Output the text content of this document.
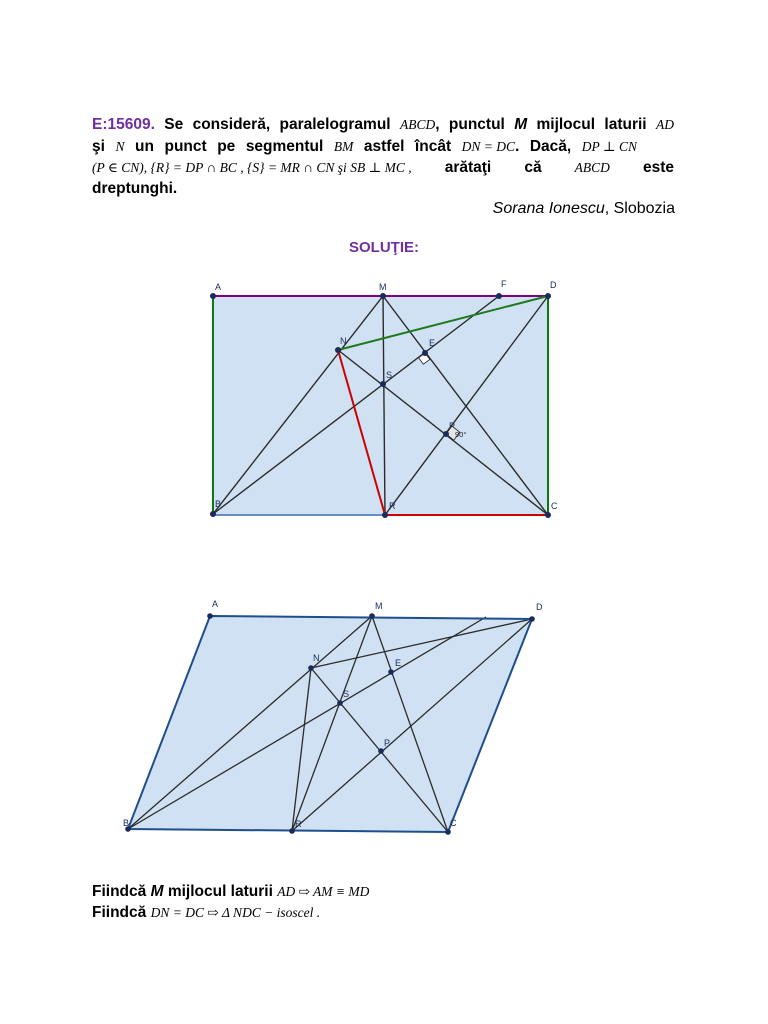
E:15609. Se consideră, paralelogramul ABCD, punctul M mijlocul laturii AD
şi N un punct pe segmentul BM astfel încât DN = DC. Dacă, DP ⊥ CN
(P ∈ CN), {R} = DP ∩ BC , {S} = MR ∩ CN şi SB ⊥ MC , arătaţi că ABCD este
dreptunghi.
Sorana Ionescu, Slobozia
SOLUŢIE:
A	M	F	D
N	E
S
P
B	R	C
90°
A	M	D
N	E
S
P
B	R	C
Fiindcă M mijlocul laturii AD ⇨ AM ≡ MD
Fiindcă DN = DC ⇨ Δ NDC − isoscel .
